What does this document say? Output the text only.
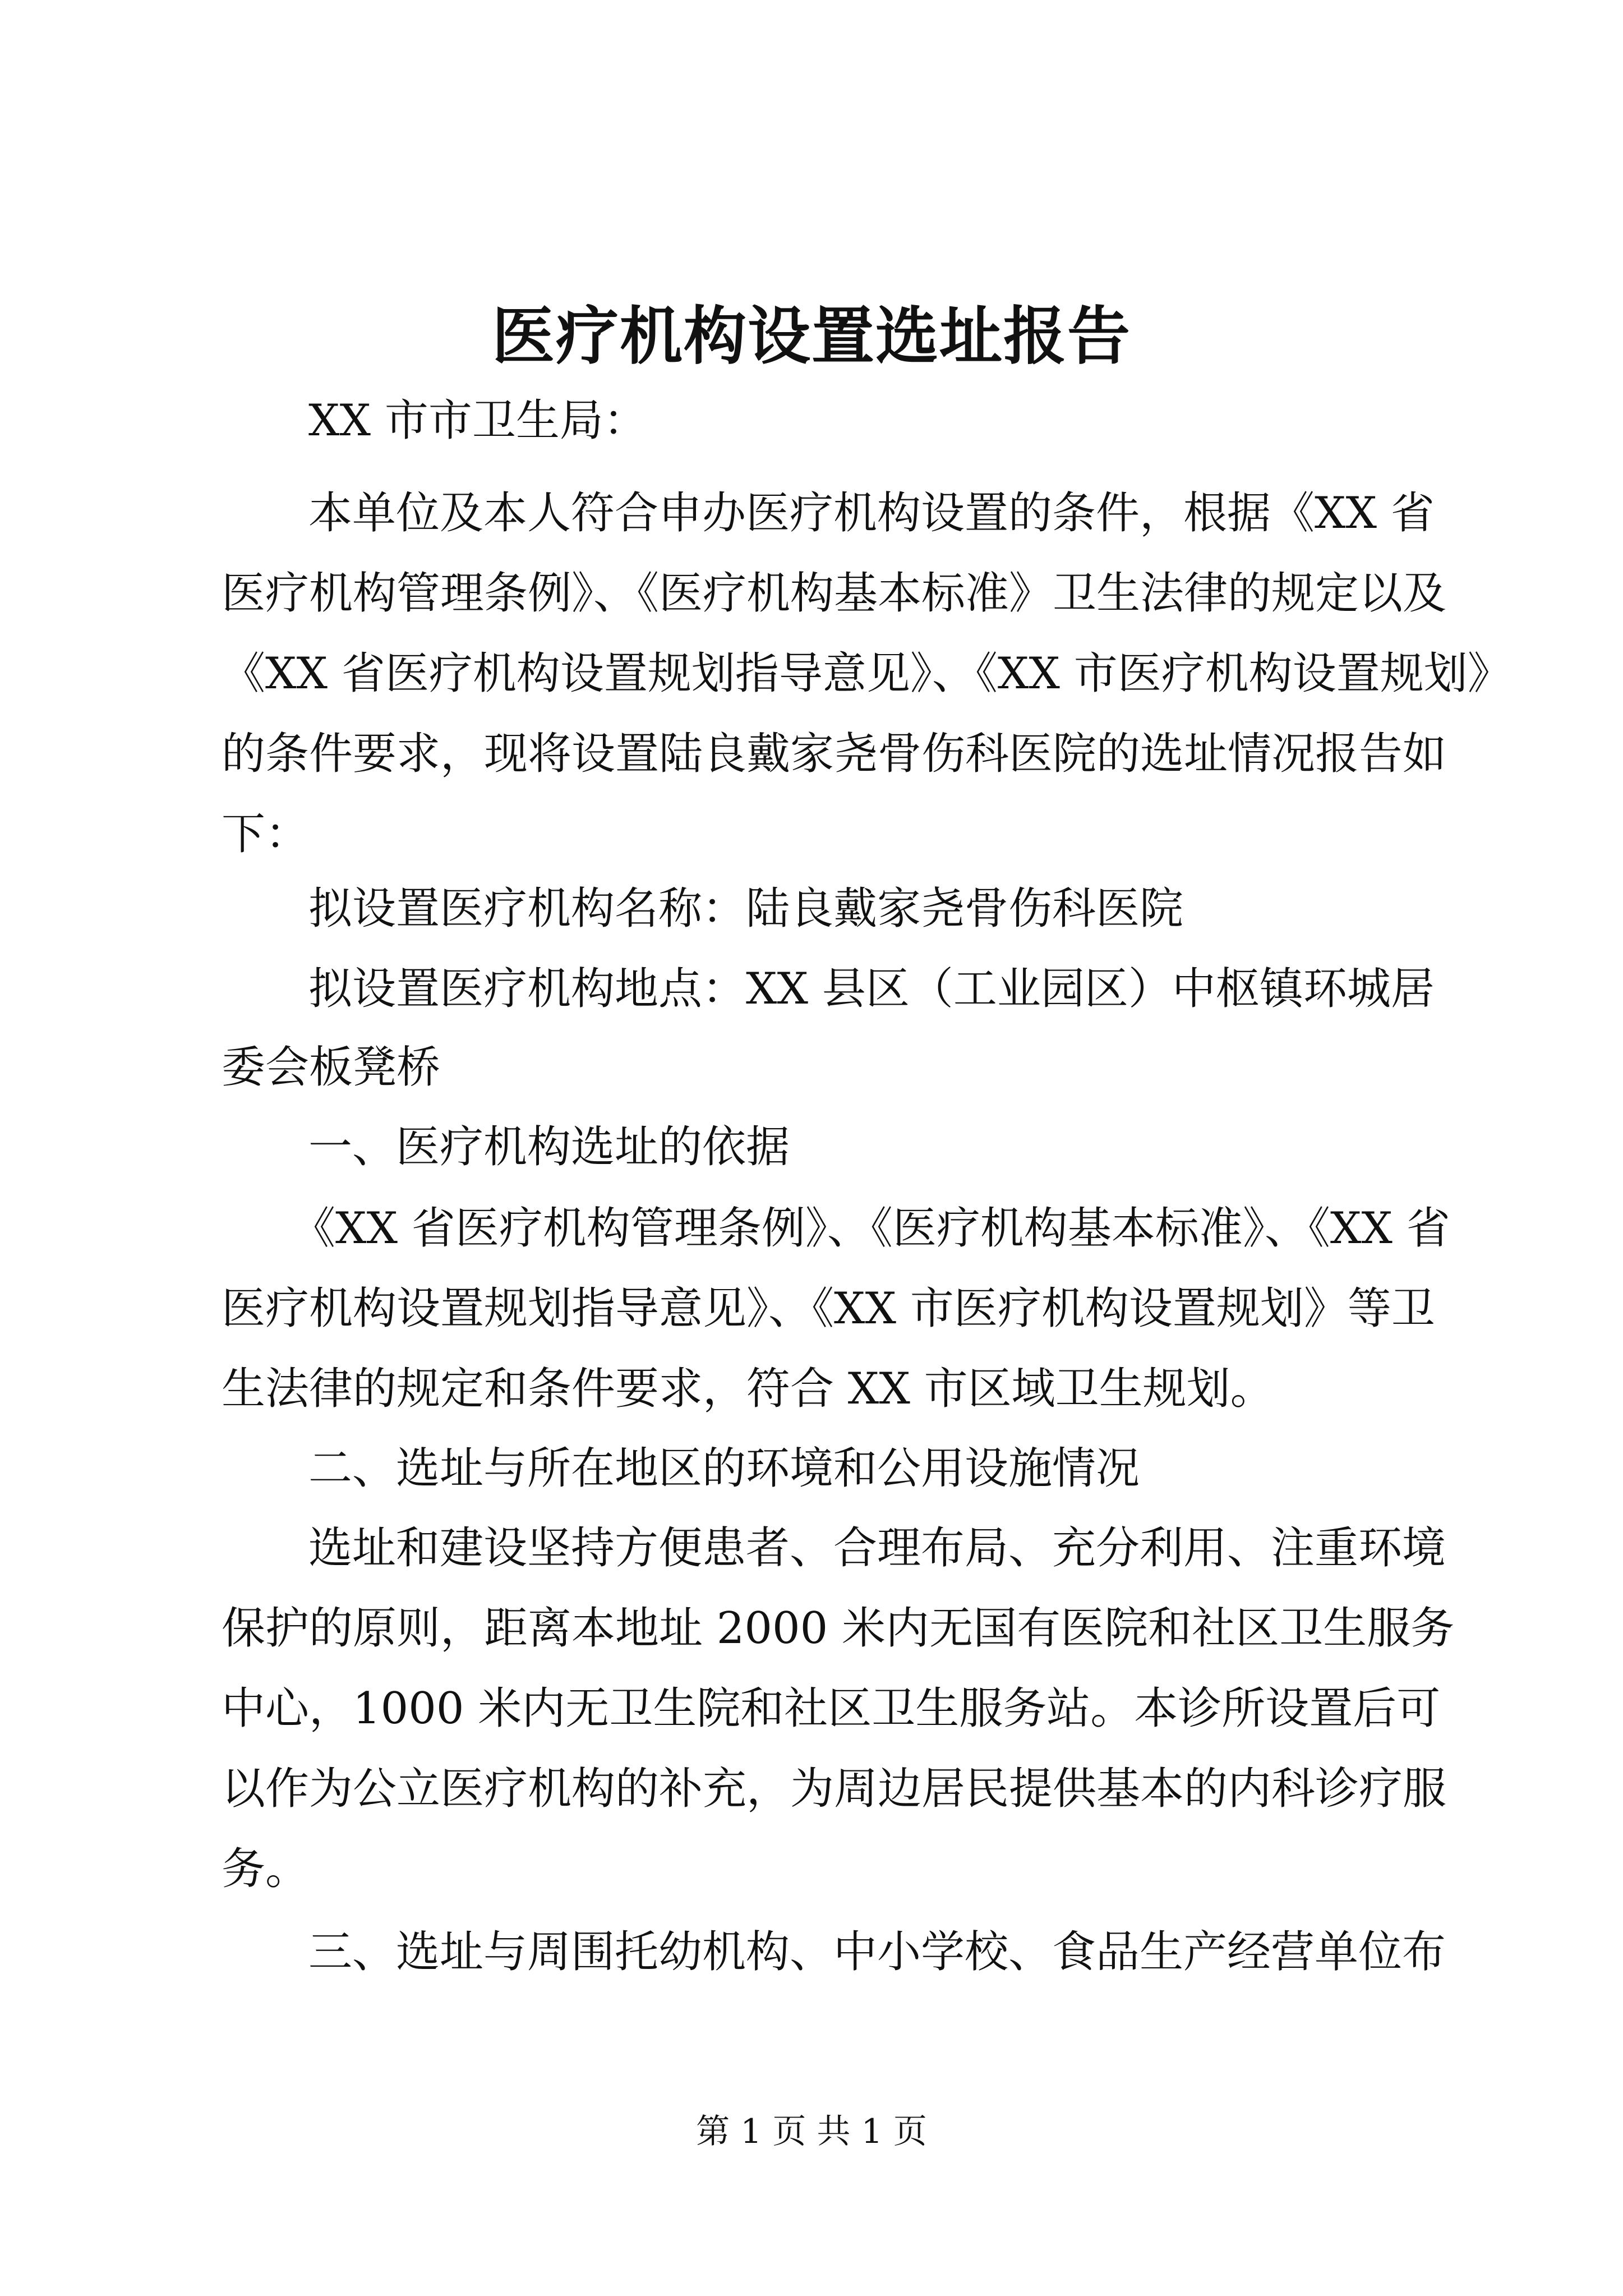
医疗机构设置选址报告
XX 市市卫生局：
本单位及本人符合申办医疗机构设置的条件，根据《XX 省
医疗机构管理条例》、《医疗机构基本标准》卫生法律的规定以及
《XX 省医疗机构设置规划指导意见》、《XX 市医疗机构设置规划》
的条件要求，现将设置陆良戴家尧骨伤科医院的选址情况报告如
下：
拟设置医疗机构名称：陆良戴家尧骨伤科医院
拟设置医疗机构地点：XX 县区（工业园区）中枢镇环城居
委会板凳桥
一、医疗机构选址的依据
《XX 省医疗机构管理条例》、《医疗机构基本标准》、《XX 省
医疗机构设置规划指导意见》、《XX 市医疗机构设置规划》等卫
生法律的规定和条件要求，符合 XX 市区域卫生规划。
二、选址与所在地区的环境和公用设施情况
选址和建设坚持方便患者、合理布局、充分利用、注重环境
保护的原则，距离本地址 2000 米内无国有医院和社区卫生服务
中心，1000 米内无卫生院和社区卫生服务站。本诊所设置后可
以作为公立医疗机构的补充，为周边居民提供基本的内科诊疗服
务。
三、选址与周围托幼机构、中小学校、食品生产经营单位布
第 1 页 共 1 页
